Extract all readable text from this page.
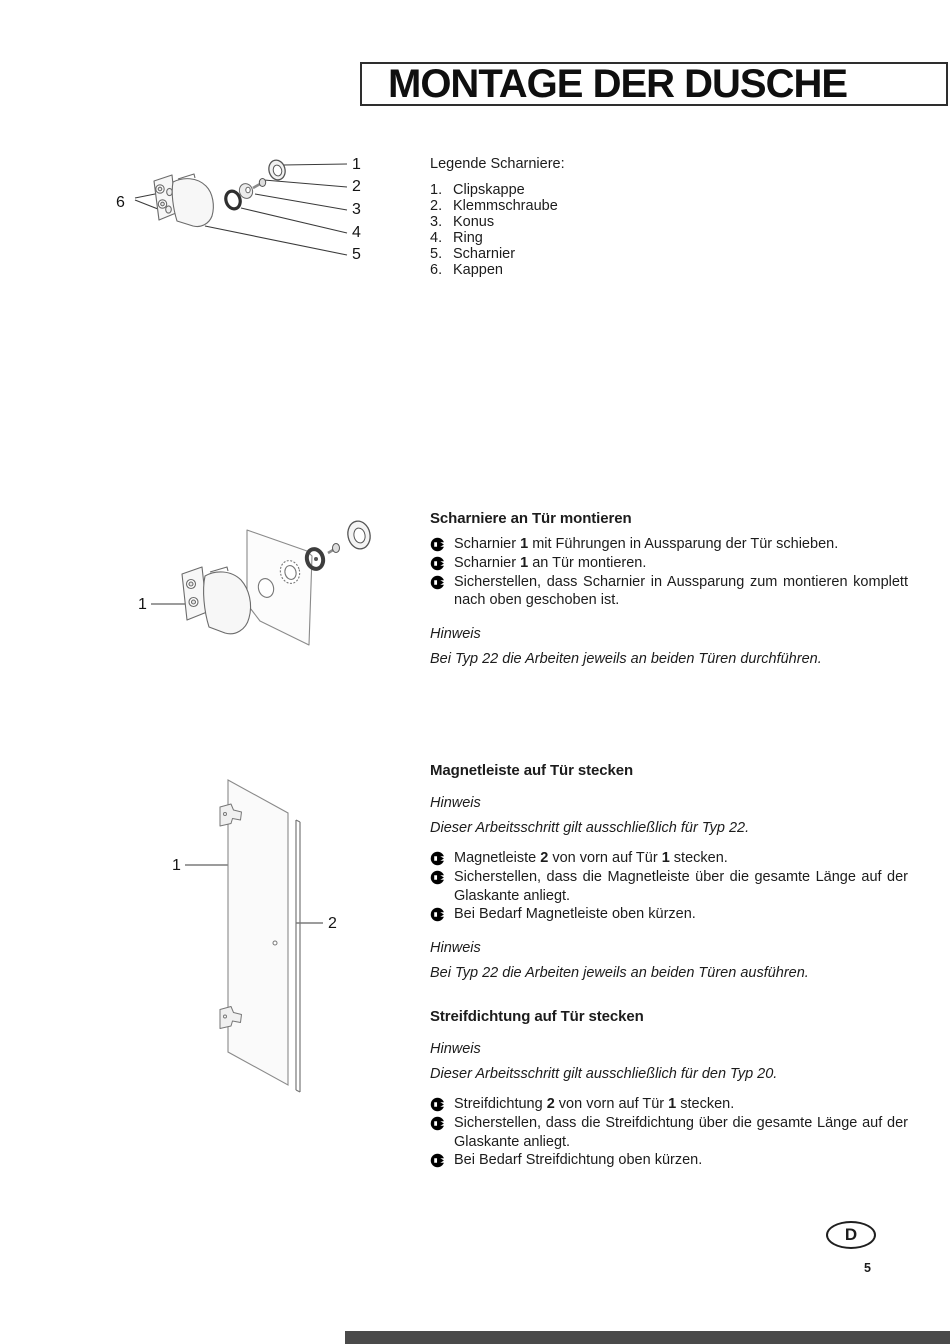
MONTAGE DER DUSCHE
1
2
3
4
5
6

Legende Scharniere:

1. Clipskappe
2. Klemmschraube
3. Konus
4. Ring
5. Scharnier
6. Kappen
1
Scharniere an Tür montieren
Scharnier 1 mit Führungen in Aussparung der Tür schieben.
Scharnier 1 an Tür montieren.
Sicherstellen, dass Scharnier in Aussparung zum montieren komplett nach oben geschoben ist.

Hinweis

Bei Typ 22 die Arbeiten jeweils an beiden Türen durchführen.

1
2
Magnetleiste auf Tür stecken

Hinweis

Dieser Arbeitsschritt gilt ausschließlich für Typ 22.

Magnetleiste 2 von vorn auf Tür 1 stecken.
Sicherstellen, dass die Magnetleiste über die gesamte Länge auf der Glaskante anliegt.
Bei Bedarf Magnetleiste oben kürzen.

Hinweis

Bei Typ 22 die Arbeiten jeweils an beiden Türen ausführen.

Streifdichtung auf Tür stecken

Hinweis

Dieser Arbeitsschritt gilt ausschließlich für den Typ 20.

Streifdichtung 2 von vorn auf Tür 1 stecken.
Sicherstellen, dass die Streifdichtung über die gesamte Länge auf der Glaskante anliegt.
Bei Bedarf Streifdichtung oben kürzen.
D
5
